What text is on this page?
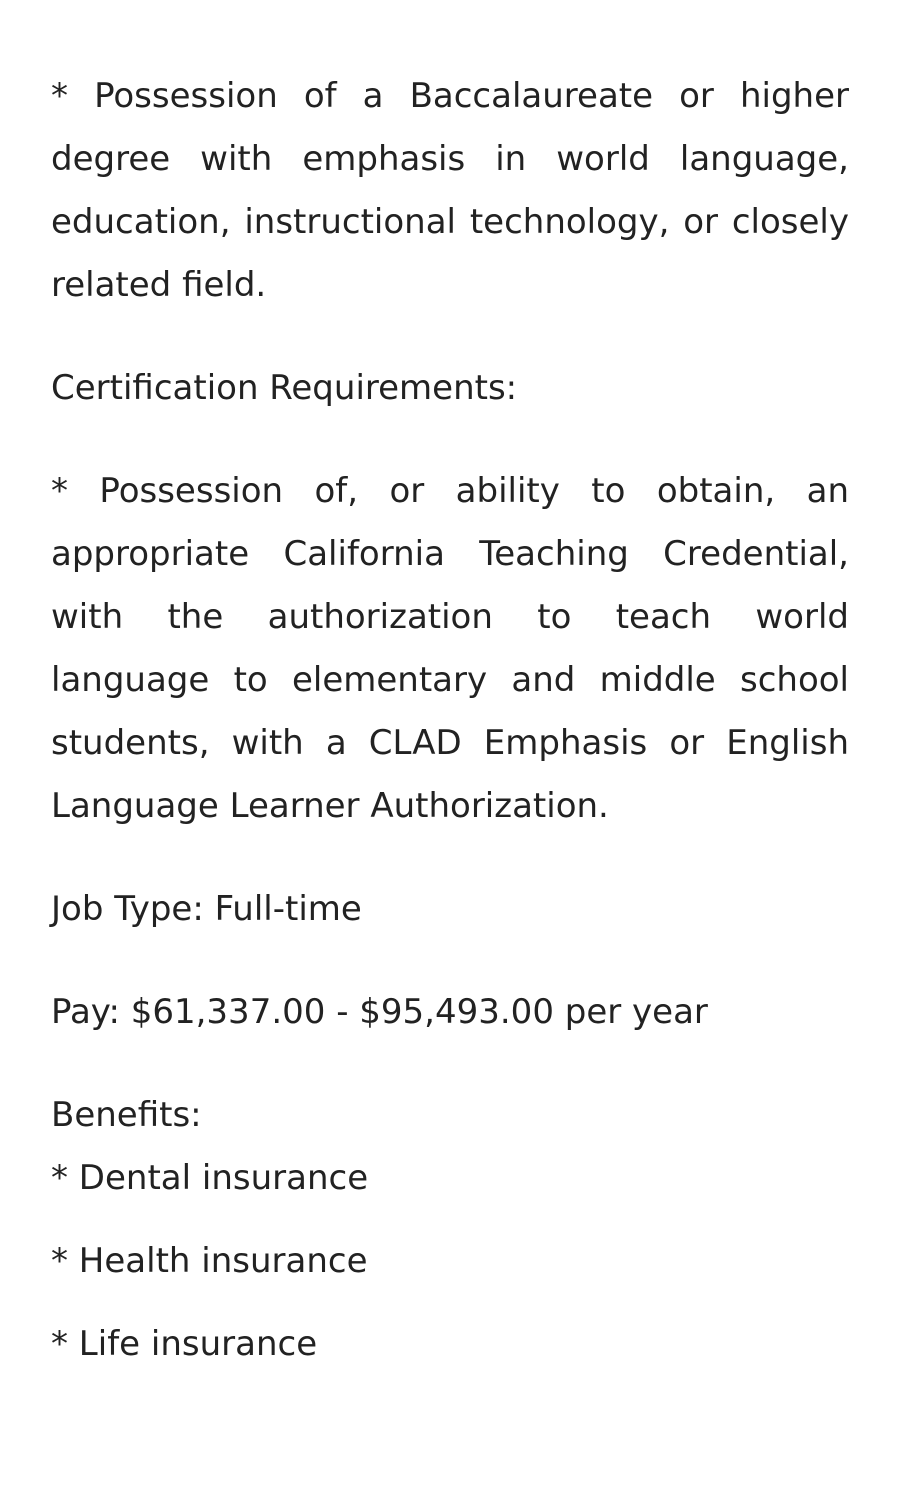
* Possession of a Baccalaureate or higher degree with emphasis in world language, education, instructional technology, or closely related field.

Certification Requirements:

* Possession of, or ability to obtain, an appropriate California Teaching Credential, with the authorization to teach world language to elementary and middle school students, with a CLAD Emphasis or English Language Learner Authorization.

Job Type: Full-time

Pay: $61,337.00 - $95,493.00 per year

Benefits:

* Dental insurance
* Health insurance
* Life insurance
